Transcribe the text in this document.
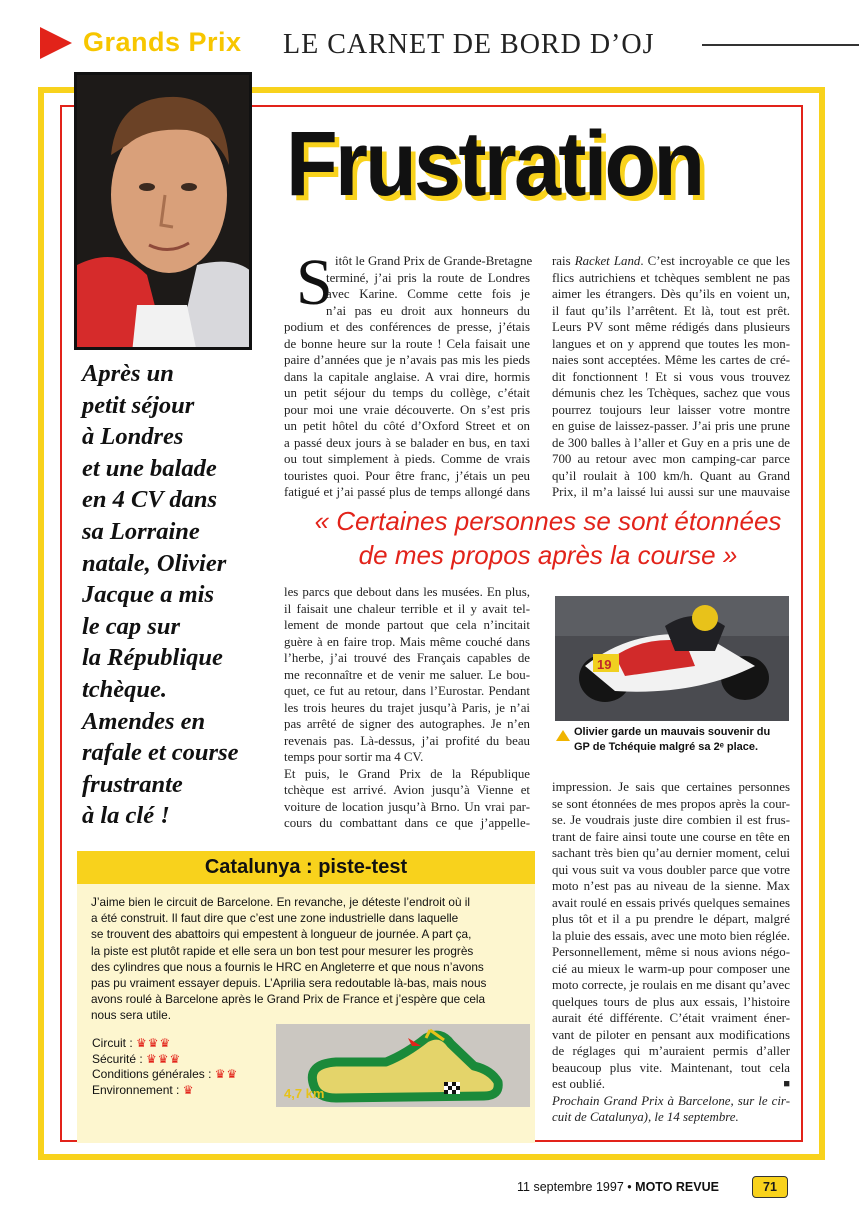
Grands Prix LE CARNET DE BORD D’OJ
Frustration
Après un
petit séjour
à Londres
et une balade
en 4 CV dans
sa Lorraine
natale, Olivier
Jacque a mis
le cap sur
la République
tchèque.
Amendes en
rafale et course
frustrante
à la clé !
S itôt le Grand Prix de Grande-Bretagne
terminé, j’ai pris la route de Londres
avec Karine. Comme cette fois je
n’ai pas eu droit aux honneurs du
podium et des conférences de presse, j’étais
de bonne heure sur la route ! Cela faisait une
paire d’années que je n’avais pas mis les pieds
dans la capitale anglaise. A vrai dire, hormis
un petit séjour du temps du collège, c’était
pour moi une vraie découverte. On s’est pris
un petit hôtel du côté d’Oxford Street et on
a passé deux jours à se balader en bus, en taxi
ou tout simplement à pieds. Comme de vrais
touristes quoi. Pour être franc, j’étais un peu
fatigué et j’ai passé plus de temps allongé dans
rais Racket Land. C’est incroyable ce que les
flics autrichiens et tchèques semblent ne pas
aimer les étrangers. Dès qu’ils en voient un,
il faut qu’ils l’arrêtent. Et là, tout est prêt.
Leurs PV sont même rédigés dans plusieurs
langues et on y apprend que toutes les mon-
naies sont acceptées. Même les cartes de cré-
dit fonctionnent ! Et si vous vous trouvez
démunis chez les Tchèques, sachez que vous
pourrez toujours leur laisser votre montre
en guise de laissez-passer. J’ai pris une prune
de 300 balles à l’aller et Guy en a pris une de
700 au retour avec mon camping-car parce
qu’il roulait à 100 km/h. Quant au Grand
Prix, il m’a laissé lui aussi sur une mauvaise
« Certaines personnes se sont étonnées
de mes propos après la course »
les parcs que debout dans les musées. En plus,
il faisait une chaleur terrible et il y avait tel-
lement de monde partout que cela n’incitait
guère à en faire trop. Mais même couché dans
l’herbe, j’ai trouvé des Français capables de
me reconnaître et de venir me saluer. Le bou-
quet, ce fut au retour, dans l’Eurostar. Pendant
les trois heures du trajet jusqu’à Paris, je n’ai
pas arrêté de signer des autographes. Je n’en
revenais pas. Là-dessus, j’ai profité du beau
temps pour sortir ma 4 CV.
Et puis, le Grand Prix de la République
tchèque est arrivé. Avion jusqu’à Vienne et
voiture de location jusqu’à Brno. Un vrai par-
cours du combattant dans ce que j’appelle-
19
Olivier garde un mauvais souvenir du
GP de Tchéquie malgré sa 2ᵉ place.
impression. Je sais que certaines personnes
se sont étonnées de mes propos après la cour-
se. Je voudrais juste dire combien il est frus-
trant de faire ainsi toute une course en tête en
sachant très bien qu’au dernier moment, celui
qui vous suit va vous doubler parce que votre
moto n’est pas au niveau de la sienne. Max
avait roulé en essais privés quelques semaines
plus tôt et il a pu prendre le départ, malgré
la pluie des essais, avec une moto bien réglée.
Personnellement, même si nous avions négo-
cié au mieux le warm-up pour composer une
moto correcte, je roulais en me disant qu’avec
quelques tours de plus aux essais, l’histoire
aurait été différente. C’était vraiment éner-
vant de piloter en pensant aux modifications
de réglages qui m’auraient permis d’aller
beaucoup plus vite. Maintenant, tout cela
est oublié.	■
Prochain Grand Prix à Barcelone, sur le cir-
cuit de Catalunya), le 14 septembre.
Catalunya : piste-test
J’aime bien le circuit de Barcelone. En revanche, je déteste l’endroit où il
a été construit. Il faut dire que c’est une zone industrielle dans laquelle
se trouvent des abattoirs qui empestent à longueur de journée. A part ça,
la piste est plutôt rapide et elle sera un bon test pour mesurer les progrès
des cylindres que nous a fournis le HRC en Angleterre et que nous n’avons
pas pu vraiment essayer depuis. L’Aprilia sera redoutable là-bas, mais nous
avons roulé à Barcelone après le Grand Prix de France et j’espère que cela
nous sera utile.
Circuit : ♛♛♛
Sécurité : ♛♛♛
Conditions générales : ♛♛
Environnement : ♛	4,7 km
11 septembre 1997 • MOTO REVUE	71
